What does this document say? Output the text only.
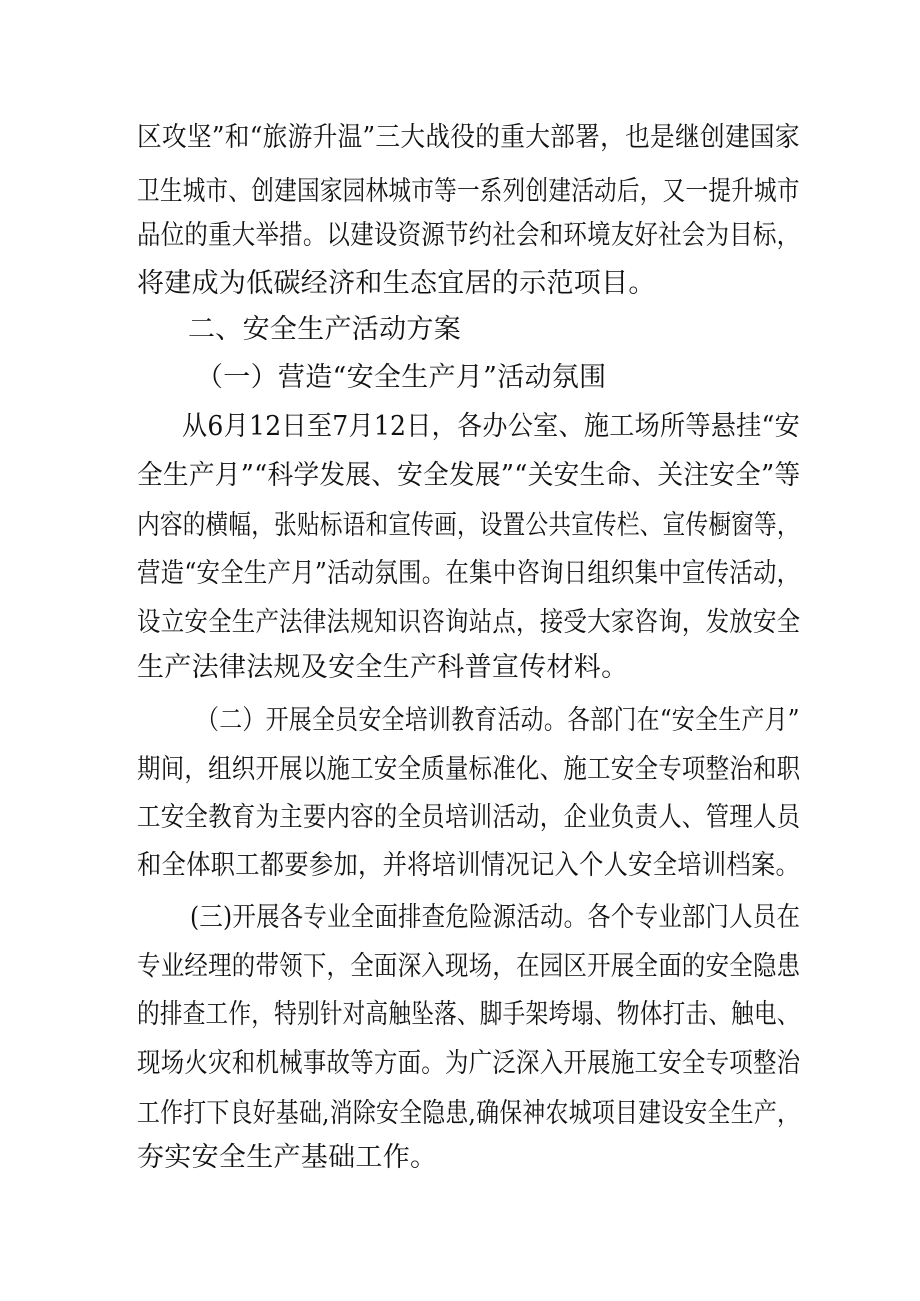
区攻坚”和“旅游升温”三大战役的重大部署，也是继创建国家
卫生城市、创建国家园林城市等一系列创建活动后，又一提升城市
品位的重大举措。以建设资源节约社会和环境友好社会为目标，
将建成为低碳经济和生态宜居的示范项目。
二、安全生产活动方案
（一）营造“安全生产月”活动氛围
从6月12日至7月12日，各办公室、施工场所等悬挂“安
全生产月”“科学发展、安全发展”“关安生命、关注安全”等
内容的横幅，张贴标语和宣传画，设置公共宣传栏、宣传橱窗等，
营造“安全生产月”活动氛围。在集中咨询日组织集中宣传活动，
设立安全生产法律法规知识咨询站点，接受大家咨询，发放安全
生产法律法规及安全生产科普宣传材料。
（二）开展全员安全培训教育活动。各部门在“安全生产月”
期间，组织开展以施工安全质量标准化、施工安全专项整治和职
工安全教育为主要内容的全员培训活动，企业负责人、管理人员
和全体职工都要参加，并将培训情况记入个人安全培训档案。
(三)开展各专业全面排查危险源活动。各个专业部门人员在
专业经理的带领下，全面深入现场，在园区开展全面的安全隐患
的排查工作，特别针对高触坠落、脚手架垮塌、物体打击、触电、
现场火灾和机械事故等方面。为广泛深入开展施工安全专项整治
工作打下良好基础,消除安全隐患,确保神农城项目建设安全生产，
夯实安全生产基础工作。
